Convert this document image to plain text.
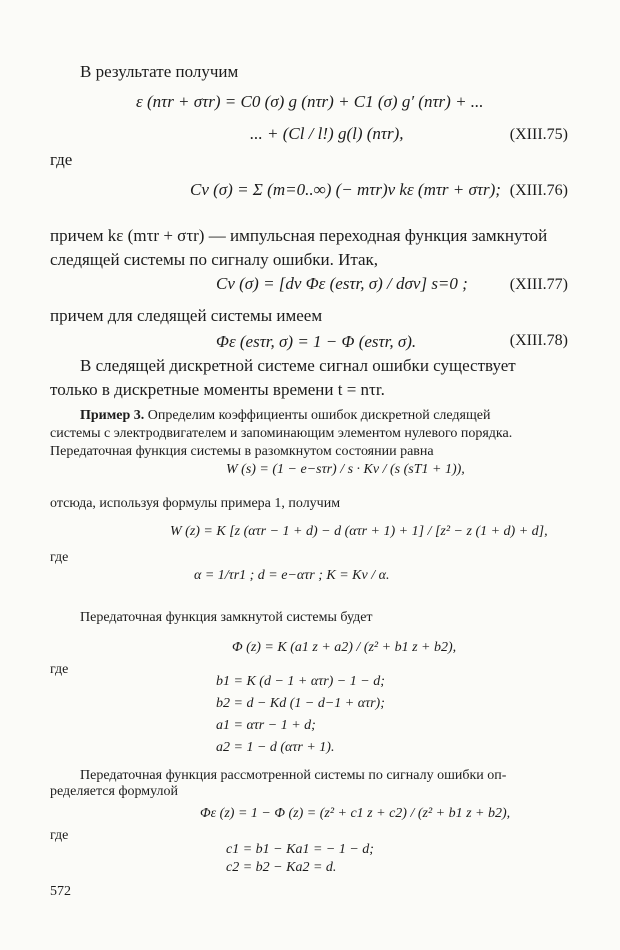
В результате получим
ε (nτr + στr) = C0 (σ) g (nτr) + C1 (σ) g′ (nτr) + ...
... + (Cl / l!) g(l) (nτr),	(XIII.75)
где
Cν (σ) = Σ (m=0..∞) (− mτr)ν kε (mτr + στr); (XIII.76)
причем kε (mτr + στr) — импульсная переходная функция замкнутой
следящей системы по сигналу ошибки. Итак,
Cν (σ) = [dν Φε (esτr, σ) / dσν] s=0 ;	(XIII.77)
причем для следящей системы имеем
Φε (esτr, σ) = 1 − Φ (esτr, σ).	(XIII.78)
В следящей дискретной системе сигнал ошибки существует
только в дискретные моменты времени t = nτr.
Пример 3. Определим коэффициенты ошибок дискретной следящей
системы с электродвигателем и запоминающим элементом нулевого порядка.
Передаточная функция системы в разомкнутом состоянии равна
W (s) = (1 − e−sτr) / s · Kv / (s (sT1 + 1)),
отсюда, используя формулы примера 1, получим
W (z) = K [z (ατr − 1 + d) − d (ατr + 1) + 1] / [z² − z (1 + d) + d],
где
α = 1/τr1 ; d = e−ατr ; K = Kv / α.
Передаточная функция замкнутой системы будет
Φ (z) = K (a1 z + a2) / (z² + b1 z + b2),
где
b1 = K (d − 1 + ατr) − 1 − d;
b2 = d − Kd (1 − d−1 + ατr);
a1 = ατr − 1 + d;
a2 = 1 − d (ατr + 1).
Передаточная функция рассмотренной системы по сигналу ошибки оп-
ределяется формулой
Φε (z) = 1 − Φ (z) = (z² + c1 z + c2) / (z² + b1 z + b2),
где
c1 = b1 − Ka1 = − 1 − d;
c2 = b2 − Ka2 = d.
572
